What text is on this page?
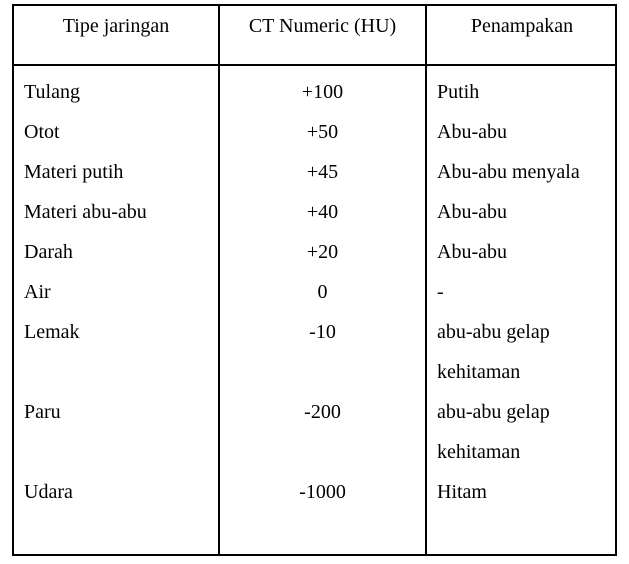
Tipe jaringan	CT Numeric (HU)	Penampakan
Tulang	+100	Putih
Otot	+50	Abu-abu
Materi putih	+45	Abu-abu menyala
Materi abu-abu	+40	Abu-abu
Darah	+20	Abu-abu
Air	0	-
Lemak	-10	abu-abu gelap
kehitaman
Paru	-200	abu-abu gelap
kehitaman
Udara	-1000	Hitam
